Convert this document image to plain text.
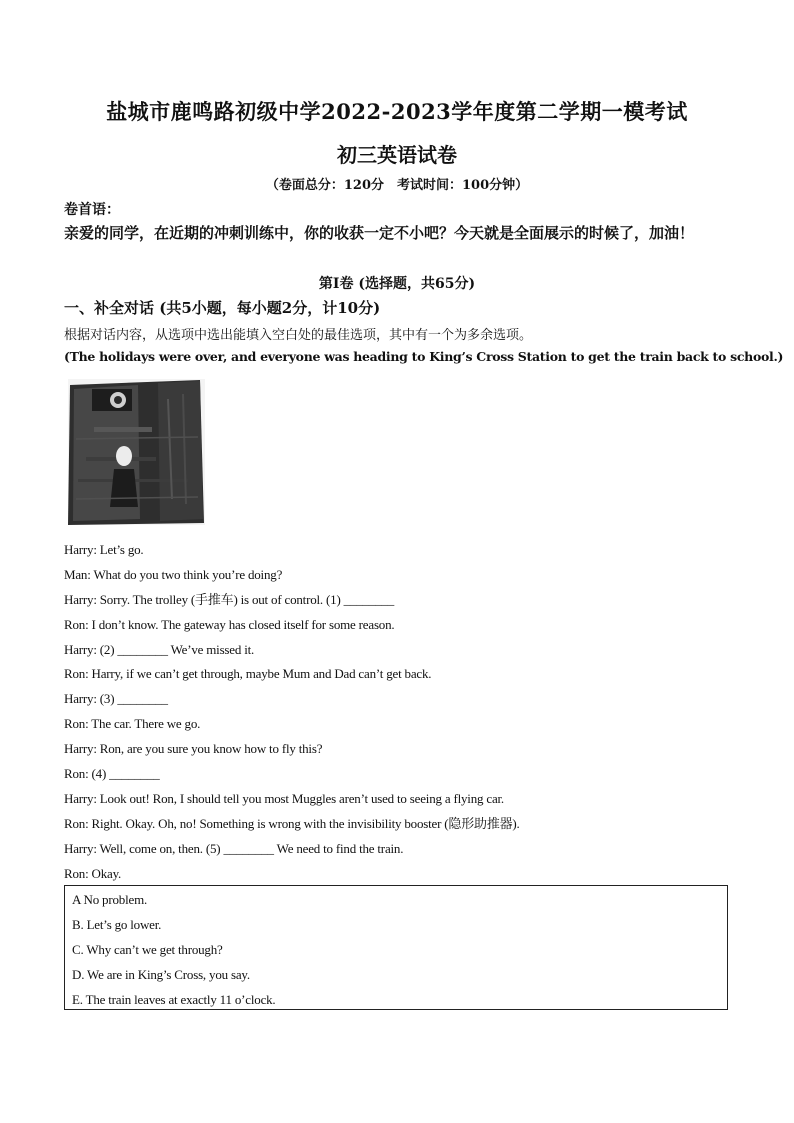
盐城市鹿鸣路初级中学2022-2023学年度第二学期一模考试
初三英语试卷
（卷面总分：120分　考试时间：100分钟）
卷首语：
亲爱的同学，在近期的冲刺训练中，你的收获一定不小吧？今天就是全面展示的时候了，加油！
第Ⅰ卷 (选择题，共65分)
一、补全对话 (共5小题，每小题2分，计10分)
根据对话内容，从选项中选出能填入空白处的最佳选项，其中有一个为多余选项。
(The holidays were over, and everyone was heading to King’s Cross Station to get the train back to school.)
Harry: Let’s go.
Man: What do you two think you’re doing?
Harry: Sorry. The trolley (手推车) is out of control. (1) ________
Ron: I don’t know. The gateway has closed itself for some reason.
Harry: (2) ________ We’ve missed it.
Ron: Harry, if we can’t get through, maybe Mum and Dad can’t get back.
Harry: (3) ________
Ron: The car. There we go.
Harry: Ron, are you sure you know how to fly this?
Ron: (4) ________
Harry: Look out! Ron, I should tell you most Muggles aren’t used to seeing a flying car.
Ron: Right. Okay. Oh, no! Something is wrong with the invisibility booster (隐形助推器).
Harry: Well, come on, then. (5) ________ We need to find the train.
Ron: Okay.
A No problem.
B. Let’s go lower.
C. Why can’t we get through?
D. We are in King’s Cross, you say.
E. The train leaves at exactly 11 o’clock.
